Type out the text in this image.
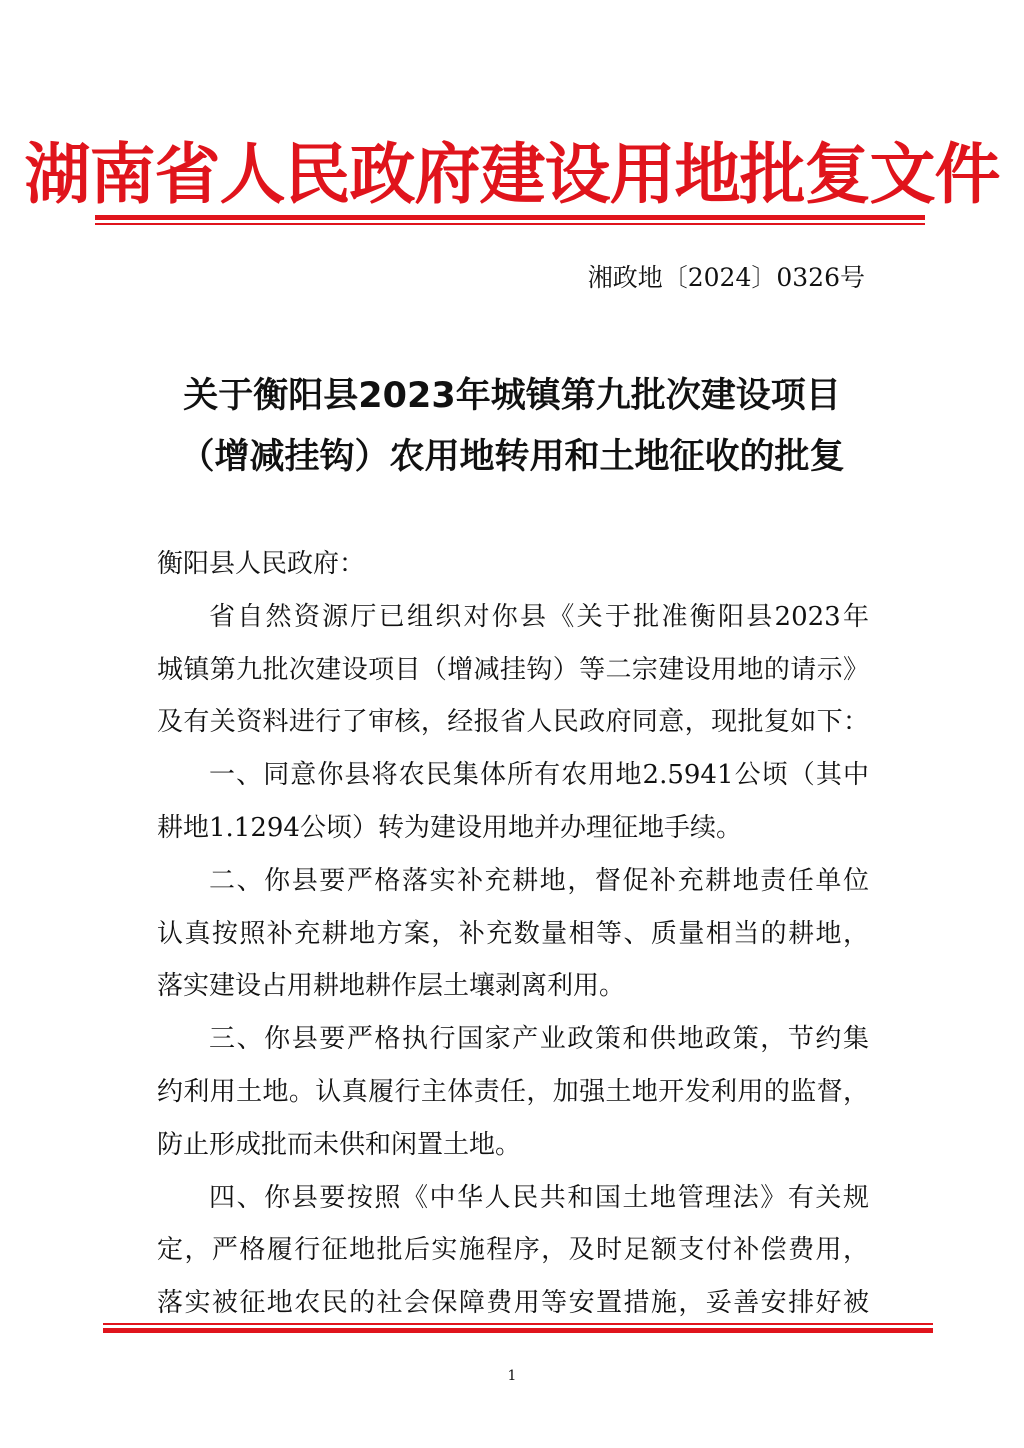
湖南省人民政府建设用地批复文件
湘政地〔2024〕0326号
关于衡阳县2023年城镇第九批次建设项目
（增减挂钩）农用地转用和土地征收的批复
衡阳县人民政府：
省自然资源厅已组织对你县《关于批准衡阳县2023年
城镇第九批次建设项目（增减挂钩）等二宗建设用地的请示》
及有关资料进行了审核，经报省人民政府同意，现批复如下：
一、同意你县将农民集体所有农用地2.5941公顷（其中
耕地1.1294公顷）转为建设用地并办理征地手续。
二、你县要严格落实补充耕地，督促补充耕地责任单位
认真按照补充耕地方案，补充数量相等、质量相当的耕地，
落实建设占用耕地耕作层土壤剥离利用。
三、你县要严格执行国家产业政策和供地政策，节约集
约利用土地。认真履行主体责任，加强土地开发利用的监督，
防止形成批而未供和闲置土地。
四、你县要按照《中华人民共和国土地管理法》有关规
定，严格履行征地批后实施程序，及时足额支付补偿费用，
落实被征地农民的社会保障费用等安置措施，妥善安排好被
1
